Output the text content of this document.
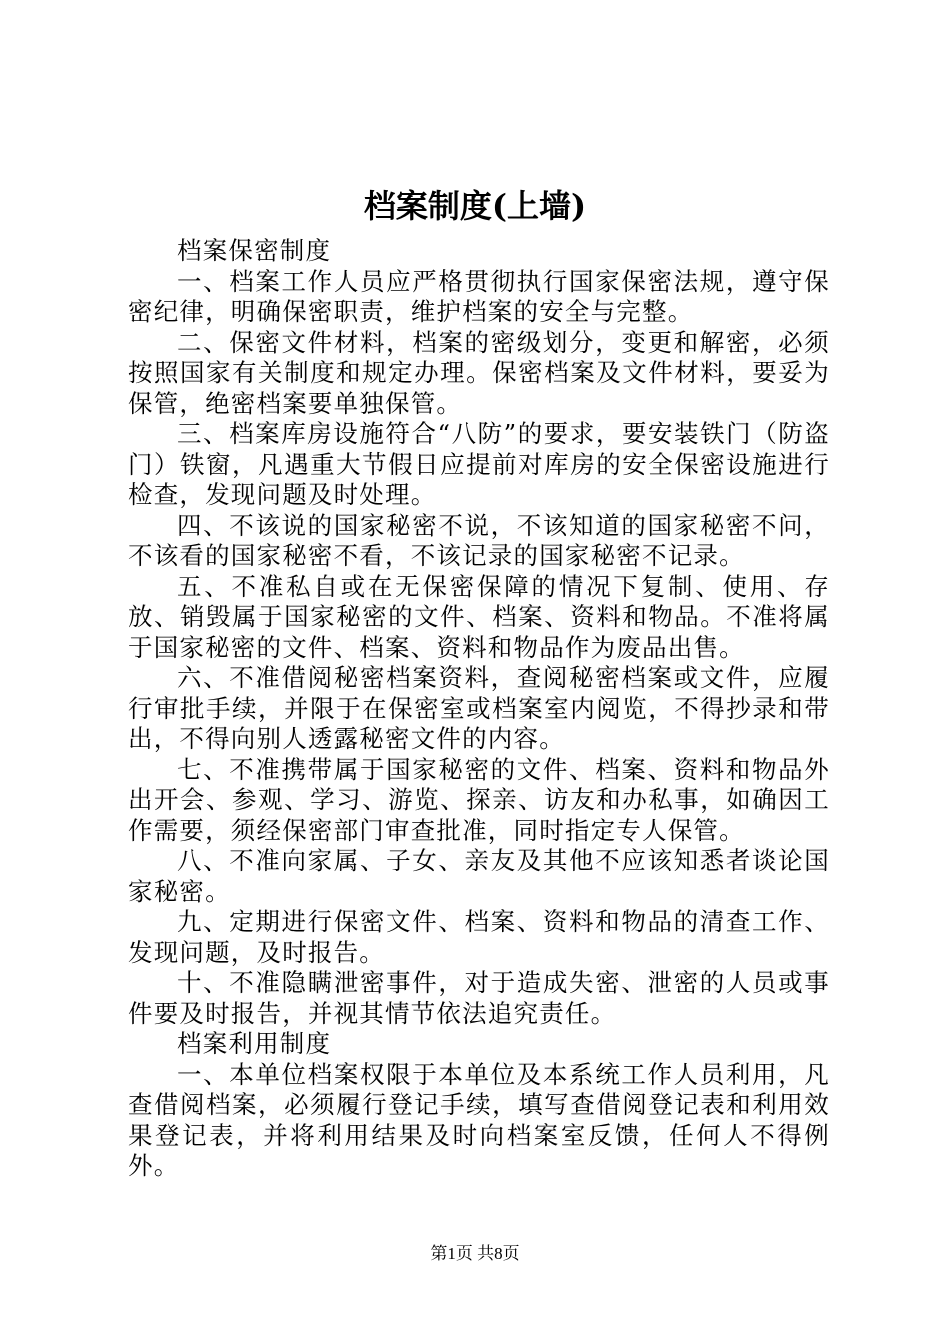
档案制度(上墙)

档案保密制度

一、档案工作人员应严格贯彻执行国家保密法规，遵守保密纪律，明确保密职责，维护档案的安全与完整。

二、保密文件材料，档案的密级划分，变更和解密，必须按照国家有关制度和规定办理。保密档案及文件材料，要妥为保管，绝密档案要单独保管。

三、档案库房设施符合“八防”的要求，要安装铁门（防盗门）铁窗，凡遇重大节假日应提前对库房的安全保密设施进行检查，发现问题及时处理。

四、不该说的国家秘密不说，不该知道的国家秘密不问，不该看的国家秘密不看，不该记录的国家秘密不记录。

五、不准私自或在无保密保障的情况下复制、使用、存放、销毁属于国家秘密的文件、档案、资料和物品。不准将属于国家秘密的文件、档案、资料和物品作为废品出售。

六、不准借阅秘密档案资料，查阅秘密档案或文件，应履行审批手续，并限于在保密室或档案室内阅览，不得抄录和带出，不得向别人透露秘密文件的内容。

七、不准携带属于国家秘密的文件、档案、资料和物品外出开会、参观、学习、游览、探亲、访友和办私事，如确因工作需要，须经保密部门审查批准，同时指定专人保管。

八、不准向家属、子女、亲友及其他不应该知悉者谈论国家秘密。

九、定期进行保密文件、档案、资料和物品的清查工作、发现问题，及时报告。

十、不准隐瞒泄密事件，对于造成失密、泄密的人员或事件要及时报告，并视其情节依法追究责任。

档案利用制度

一、本单位档案权限于本单位及本系统工作人员利用，凡查借阅档案，必须履行登记手续，填写查借阅登记表和利用效果登记表，并将利用结果及时向档案室反馈，任何人不得例外。

第1页 共8页
